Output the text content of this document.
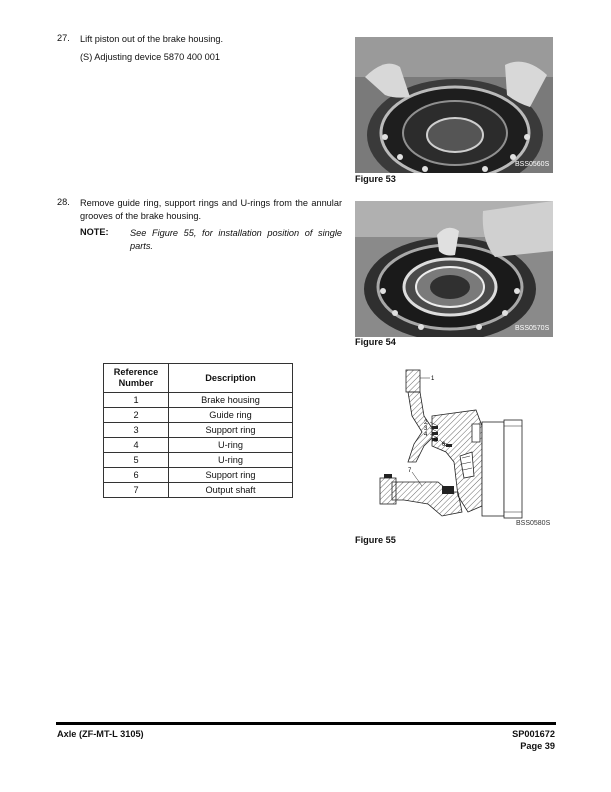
27. Lift piston out of the brake housing.
(S) Adjusting device 5870 400 001
28. Remove guide ring, support rings and U-rings from the annular grooves of the brake housing.
NOTE: See Figure 55, for installation position of single parts.
BSS0560S
Figure 53
BSS0570S
Figure 54
Reference Number	Description
1	Brake housing
2	Guide ring
3	Support ring
4	U-ring
5	U-ring
6	Support ring
7	Output shaft
1
2
3
4
5
6
7
BSS0580S
Figure 55
Axle (ZF-MT-L 3105)	SP001672
Page 39
